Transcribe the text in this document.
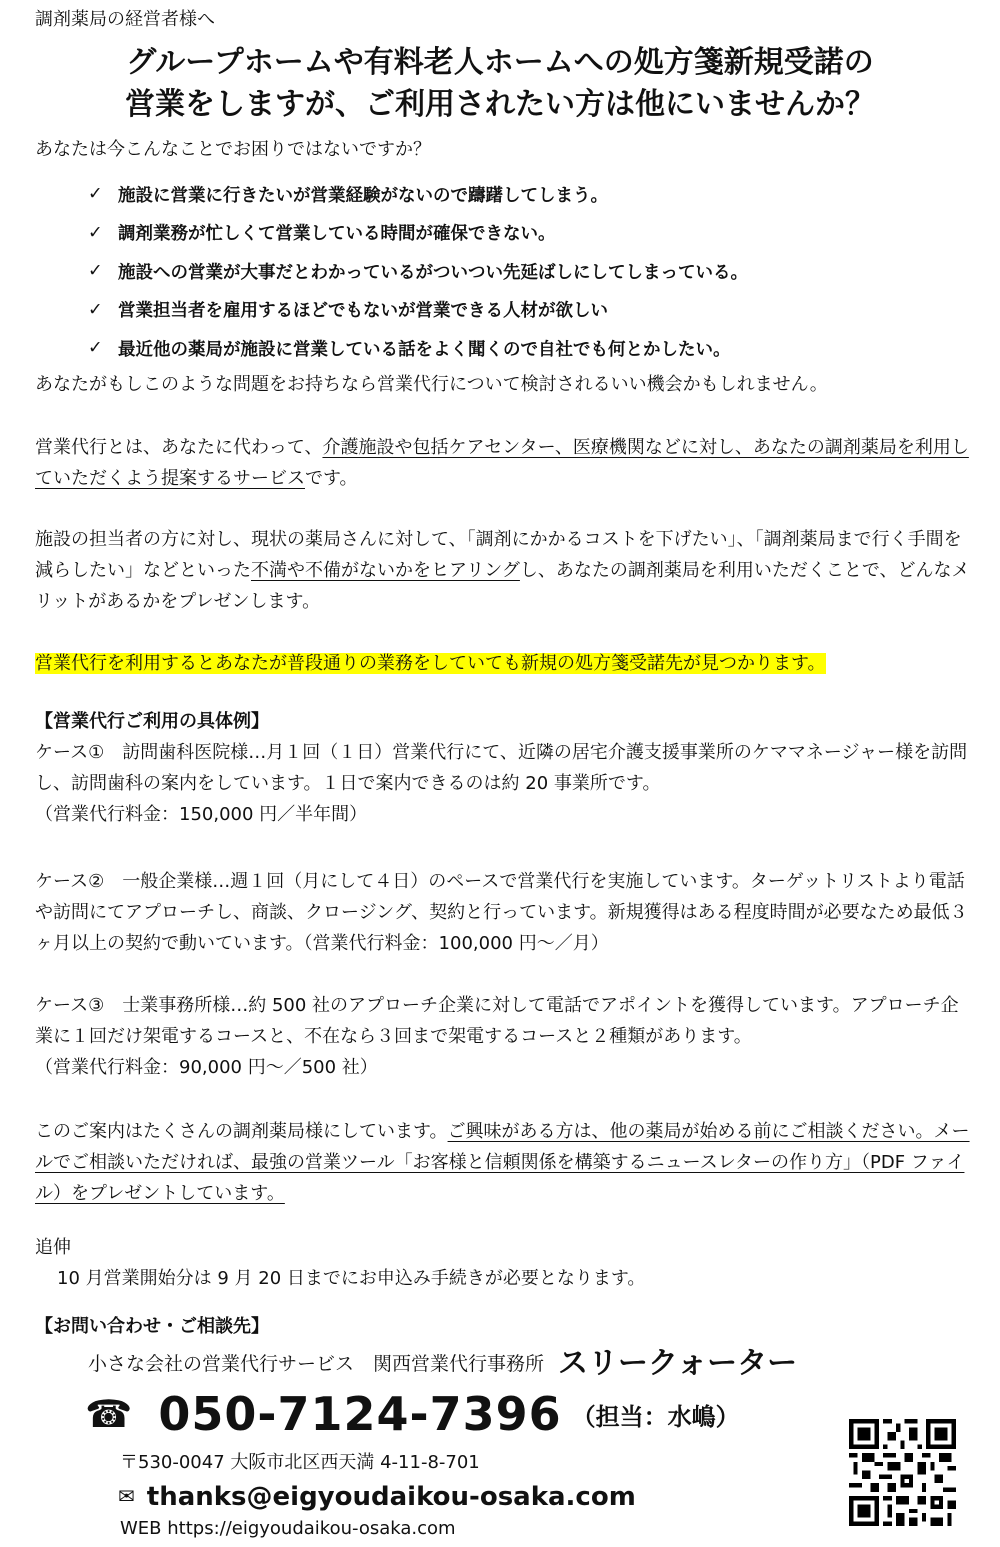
調剤薬局の経営者様へ
グループホームや有料老人ホームへの処方箋新規受諾の
営業をしますが、ご利用されたい方は他にいませんか？
あなたは今こんなことでお困りではないですか？
✓ 施設に営業に行きたいが営業経験がないので躊躇してしまう。
✓ 調剤業務が忙しくて営業している時間が確保できない。
✓ 施設への営業が大事だとわかっているがついつい先延ばしにしてしまっている。
✓ 営業担当者を雇用するほどでもないが営業できる人材が欲しい
✓ 最近他の薬局が施設に営業している話をよく聞くので自社でも何とかしたい。

あなたがもしこのような問題をお持ちなら営業代行について検討されるいい機会かもしれません。

営業代行とは、あなたに代わって、介護施設や包括ケアセンター、医療機関などに対し、あなたの調剤薬局を利用していただくよう提案するサービスです。

施設の担当者の方に対し、現状の薬局さんに対して、「調剤にかかるコストを下げたい」、「調剤薬局まで行く手間を減らしたい」などといった不満や不備がないかをヒアリングし、あなたの調剤薬局を利用いただくことで、どんなメリットがあるかをプレゼンします。

営業代行を利用するとあなたが普段通りの業務をしていても新規の処方箋受諾先が見つかります。

【営業代行ご利用の具体例】

ケース①　訪問歯科医院様…月１回（１日）営業代行にて、近隣の居宅介護支援事業所のケママネージャー様を訪問し、訪問歯科の案内をしています。１日で案内できるのは約 20 事業所です。
（営業代行料金：150,000 円／半年間）

ケース②　一般企業様…週１回（月にして４日）のペースで営業代行を実施しています。ターゲットリストより電話や訪問にてアプローチし、商談、クロージング、契約と行っています。新規獲得はある程度時間が必要なため最低３ヶ月以上の契約で動いています。（営業代行料金：100,000 円～／月）

ケース③　士業事務所様…約 500 社のアプローチ企業に対して電話でアポイントを獲得しています。アプローチ企業に１回だけ架電するコースと、不在なら３回まで架電するコースと２種類があります。
（営業代行料金：90,000 円～／500 社）

このご案内はたくさんの調剤薬局様にしています。ご興味がある方は、他の薬局が始める前にご相談ください。メールでご相談いただければ、最強の営業ツール「お客様と信頼関係を構築するニュースレターの作り方」（PDF ファイル）をプレゼントしています。

追伸
10 月営業開始分は 9 月 20 日までにお申込み手続きが必要となります。

【お問い合わせ・ご相談先】
小さな会社の営業代行サービス　関西営業代行事務所 スリークォーター
☎ 050-7124-7396 （担当：水嶋）
〒530-0047 大阪市北区西天満 4-11-8-701
✉ thanks@eigyoudaikou-osaka.com
WEB https://eigyoudaikou-osaka.com
